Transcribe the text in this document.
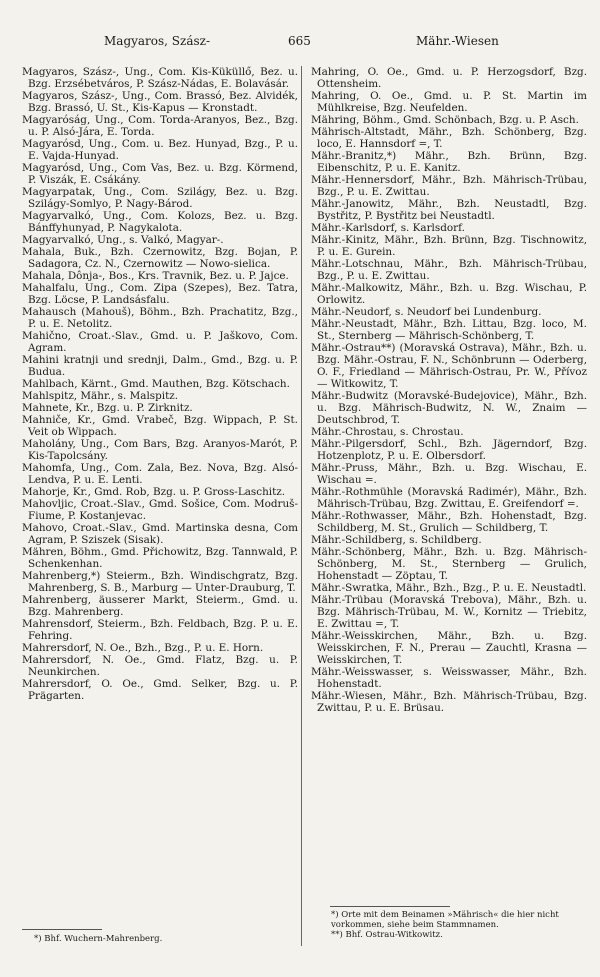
Magyaros, Szász-	665	Mähr.-Wiesen

Magyaros, Szász-, Ung., Com. Kis-Küküllő, Bez. u. Bzg. Erzsébetváros, P. Szász-Nádas, E. Bolavásár.

Magyaros, Szász-, Ung., Com. Brassó, Bez. Alvidék, Bzg. Brassó, U. St., Kis-Kapus — Kronstadt.

Magyaróság, Ung., Com. Torda-Aranyos, Bez., Bzg. u. P. Alsó-Jára, E. Torda.

Magyarósd, Ung., Com. u. Bez. Hunyad, Bzg., P. u. E. Vajda-Hunyad.

Magyarósd, Ung., Com Vas, Bez. u. Bzg. Körmend, P. Viszák, E. Csákány.

Magyarpatak, Ung., Com. Szilágy, Bez. u. Bzg. Szilágy-Somlyo, P. Nagy-Bárod.

Magyarvalkó, Ung., Com. Kolozs, Bez. u. Bzg. Bánffyhunyad, P. Nagykalota.

Magyarvalkó, Ung., s. Valkó, Magyar-.

Mahala, Buk., Bzh. Czernowitz, Bzg. Bojan, P. Sadagora, Cz. N., Czernowitz — Nowo-sielica.

Mahala, Dônja-, Bos., Krs. Travnik, Bez. u. P. Jajce.

Mahalfalu, Ung., Com. Zipa (Szepes), Bez. Tatra, Bzg. Löcse, P. Landsásfalu.

Mahausch (Mahouš), Böhm., Bzh. Prachatitz, Bzg., P. u. E. Netolitz.

Mahično, Croat.-Slav., Gmd. u. P. Jaškovo, Com. Agram.

Mahini kratnji und srednji, Dalm., Gmd., Bzg. u. P. Budua.

Mahlbach, Kärnt., Gmd. Mauthen, Bzg. Kötschach.

Mahlspitz, Mähr., s. Malspitz.

Mahnete, Kr., Bzg. u. P. Zirknitz.

Mahniče, Kr., Gmd. Vrabeč, Bzg. Wippach, P. St. Veit ob Wippach.

Maholány, Ung., Com Bars, Bzg. Aranyos-Marót, P. Kis-Tapolcsány.

Mahomfa, Ung., Com. Zala, Bez. Nova, Bzg. Alsó-Lendva, P. u. E. Lenti.

Mahorje, Kr., Gmd. Rob, Bzg. u. P. Gross-Laschitz.

Mahovljic, Croat.-Slav., Gmd. Sošice, Com. Modruš-Fiume, P. Kostanjevac.

Mahovo, Croat.-Slav., Gmd. Martinska desna, Com Agram, P. Sziszek (Sisak).

Mähren, Böhm., Gmd. Přichowitz, Bzg. Tannwald, P. Schenkenhan.

Mahrenberg,*) Steierm., Bzh. Windischgratz, Bzg. Mahrenberg, S. B., Marburg — Unter-Drauburg, T.

Mahrenberg, äusserer Markt, Steierm., Gmd. u. Bzg. Mahrenberg.

Mahrensdorf, Steierm., Bzh. Feldbach, Bzg. P. u. E. Fehring.

Mahrersdorf, N. Oe., Bzh., Bzg., P. u. E. Horn.

Mahrersdorf, N. Oe., Gmd. Flatz, Bzg. u. P. Neunkirchen.

Mahrersdorf, O. Oe., Gmd. Selker, Bzg. u. P. Prägarten.

Mahring, O. Oe., Gmd. u. P. Herzogsdorf, Bzg. Ottensheim.

Mahring, O. Oe., Gmd. u. P. St. Martin im Mühlkreise, Bzg. Neufelden.

Mähring, Böhm., Gmd. Schönbach, Bzg. u. P. Asch.

Mährisch-Altstadt, Mähr., Bzh. Schönberg, Bzg. loco, E. Hannsdorf =, T.

Mähr.-Branitz,*) Mähr., Bzh. Brünn, Bzg. Eibenschitz, P. u. E. Kanitz.

Mähr.-Hennersdorf, Mähr., Bzh. Mährisch-Trübau, Bzg., P. u. E. Zwittau.

Mähr.-Janowitz, Mähr., Bzh. Neustadtl, Bzg. Bystřitz, P. Bystřitz bei Neustadtl.

Mähr.-Karlsdorf, s. Karlsdorf.

Mähr.-Kinitz, Mähr., Bzh. Brünn, Bzg. Tischnowitz, P. u. E. Gurein.

Mähr.-Lotschnau, Mähr., Bzh. Mährisch-Trübau, Bzg., P. u. E. Zwittau.

Mähr.-Malkowitz, Mähr., Bzh. u. Bzg. Wischau, P. Orlowitz.

Mähr.-Neudorf, s. Neudorf bei Lundenburg.

Mähr.-Neustadt, Mähr., Bzh. Littau, Bzg. loco, M. St., Sternberg — Mährisch-Schönberg, T.

Mähr.-Ostrau**) (Moravská Ostrava), Mähr., Bzh. u. Bzg. Mähr.-Ostrau, F. N., Schönbrunn — Oderberg, O. F., Friedland — Mährisch-Ostrau, Pr. W., Přívoz — Witkowitz, T.

Mähr.-Budwitz (Moravské-Budejovice), Mähr., Bzh. u. Bzg. Mährisch-Budwitz, N. W., Znaim — Deutschbrod, T.

Mähr.-Chrostau, s. Chrostau.

Mähr.-Pilgersdorf, Schl., Bzh. Jägerndorf, Bzg. Hotzenplotz, P. u. E. Olbersdorf.

Mähr.-Pruss, Mähr., Bzh. u. Bzg. Wischau, E. Wischau =.

Mähr.-Rothmühle (Moravská Radimér), Mähr., Bzh. Mährisch-Trübau, Bzg. Zwittau, E. Greifendorf =.

Mähr.-Rothwasser, Mähr., Bzh. Hohenstadt, Bzg. Schildberg, M. St., Grulich — Schildberg, T.

Mähr.-Schildberg, s. Schildberg.

Mähr.-Schönberg, Mähr., Bzh. u. Bzg. Mährisch-Schönberg, M. St., Sternberg — Grulich, Hohenstadt — Zöptau, T.

Mähr.-Swratka, Mähr., Bzh., Bzg., P. u. E. Neustadtl.

Mähr.-Trübau (Moravská Trebova), Mähr., Bzh. u. Bzg. Mährisch-Trübau, M. W., Kornitz — Triebitz, E. Zwittau =, T.

Mähr.-Weisskirchen, Mähr., Bzh. u. Bzg. Weisskirchen, F. N., Prerau — Zauchtl, Krasna — Weisskirchen, T.

Mähr.-Weisswasser, s. Weisswasser, Mähr., Bzh. Hohenstadt.

Mähr.-Wiesen, Mähr., Bzh. Mährisch-Trübau, Bzg. Zwittau, P. u. E. Brüsau.

*) Bhf. Wuchern-Mahrenberg.
*) Orte mit dem Beinamen »Mährisch« die hier nicht vorkommen, siehe beim Stammnamen.
**) Bhf. Ostrau-Witkowitz.
